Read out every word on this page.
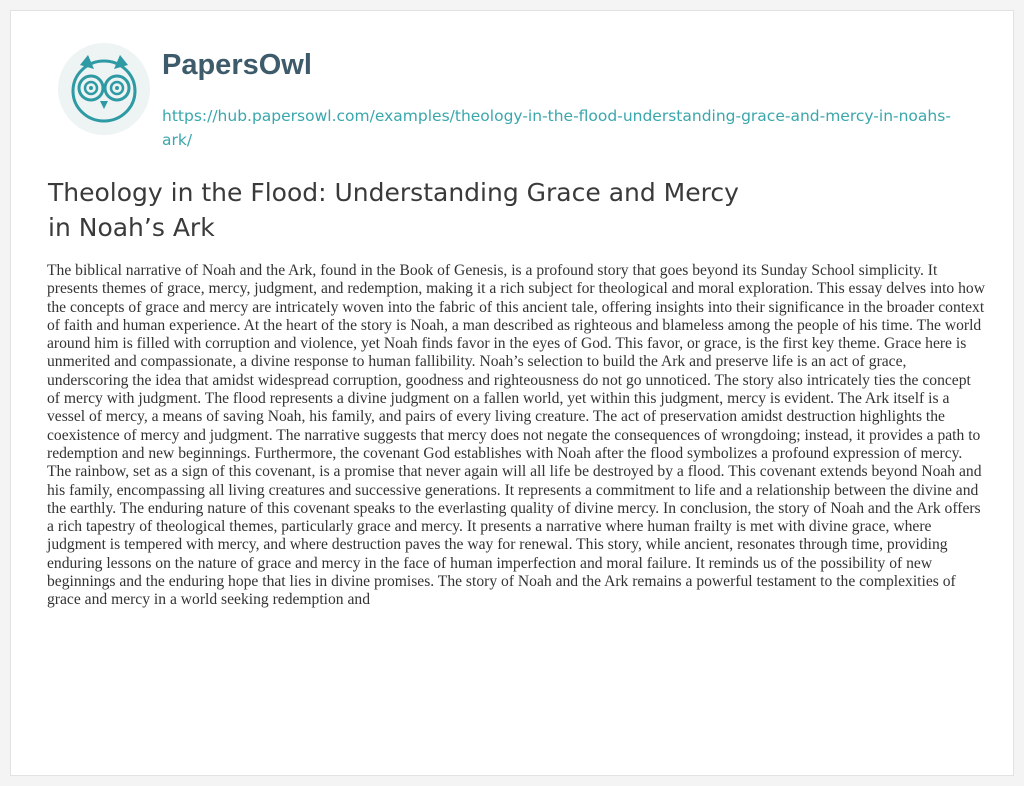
PapersOwl
https://hub.papersowl.com/examples/theology-in-the-flood-understanding-grace-and-mercy-in-noahs-ark/
Theology in the Flood: Understanding Grace and Mercy in Noah’s Ark

The biblical narrative of Noah and the Ark, found in the Book of Genesis, is a profound story that goes beyond its Sunday School simplicity. It presents themes of grace, mercy, judgment, and redemption, making it a rich subject for theological and moral exploration. This essay delves into how the concepts of grace and mercy are intricately woven into the fabric of this ancient tale, offering insights into their significance in the broader context of faith and human experience. At the heart of the story is Noah, a man described as righteous and blameless among the people of his time. The world around him is filled with corruption and violence, yet Noah finds favor in the eyes of God. This favor, or grace, is the first key theme. Grace here is unmerited and compassionate, a divine response to human fallibility. Noah’s selection to build the Ark and preserve life is an act of grace, underscoring the idea that amidst widespread corruption, goodness and righteousness do not go unnoticed. The story also intricately ties the concept of mercy with judgment. The flood represents a divine judgment on a fallen world, yet within this judgment, mercy is evident. The Ark itself is a vessel of mercy, a means of saving Noah, his family, and pairs of every living creature. The act of preservation amidst destruction highlights the coexistence of mercy and judgment. The narrative suggests that mercy does not negate the consequences of wrongdoing; instead, it provides a path to redemption and new beginnings. Furthermore, the covenant God establishes with Noah after the flood symbolizes a profound expression of mercy. The rainbow, set as a sign of this covenant, is a promise that never again will all life be destroyed by a flood. This covenant extends beyond Noah and his family, encompassing all living creatures and successive generations. It represents a commitment to life and a relationship between the divine and the earthly. The enduring nature of this covenant speaks to the everlasting quality of divine mercy. In conclusion, the story of Noah and the Ark offers a rich tapestry of theological themes, particularly grace and mercy. It presents a narrative where human frailty is met with divine grace, where judgment is tempered with mercy, and where destruction paves the way for renewal. This story, while ancient, resonates through time, providing enduring lessons on the nature of grace and mercy in the face of human imperfection and moral failure. It reminds us of the possibility of new beginnings and the enduring hope that lies in divine promises. The story of Noah and the Ark remains a powerful testament to the complexities of grace and mercy in a world seeking redemption and
